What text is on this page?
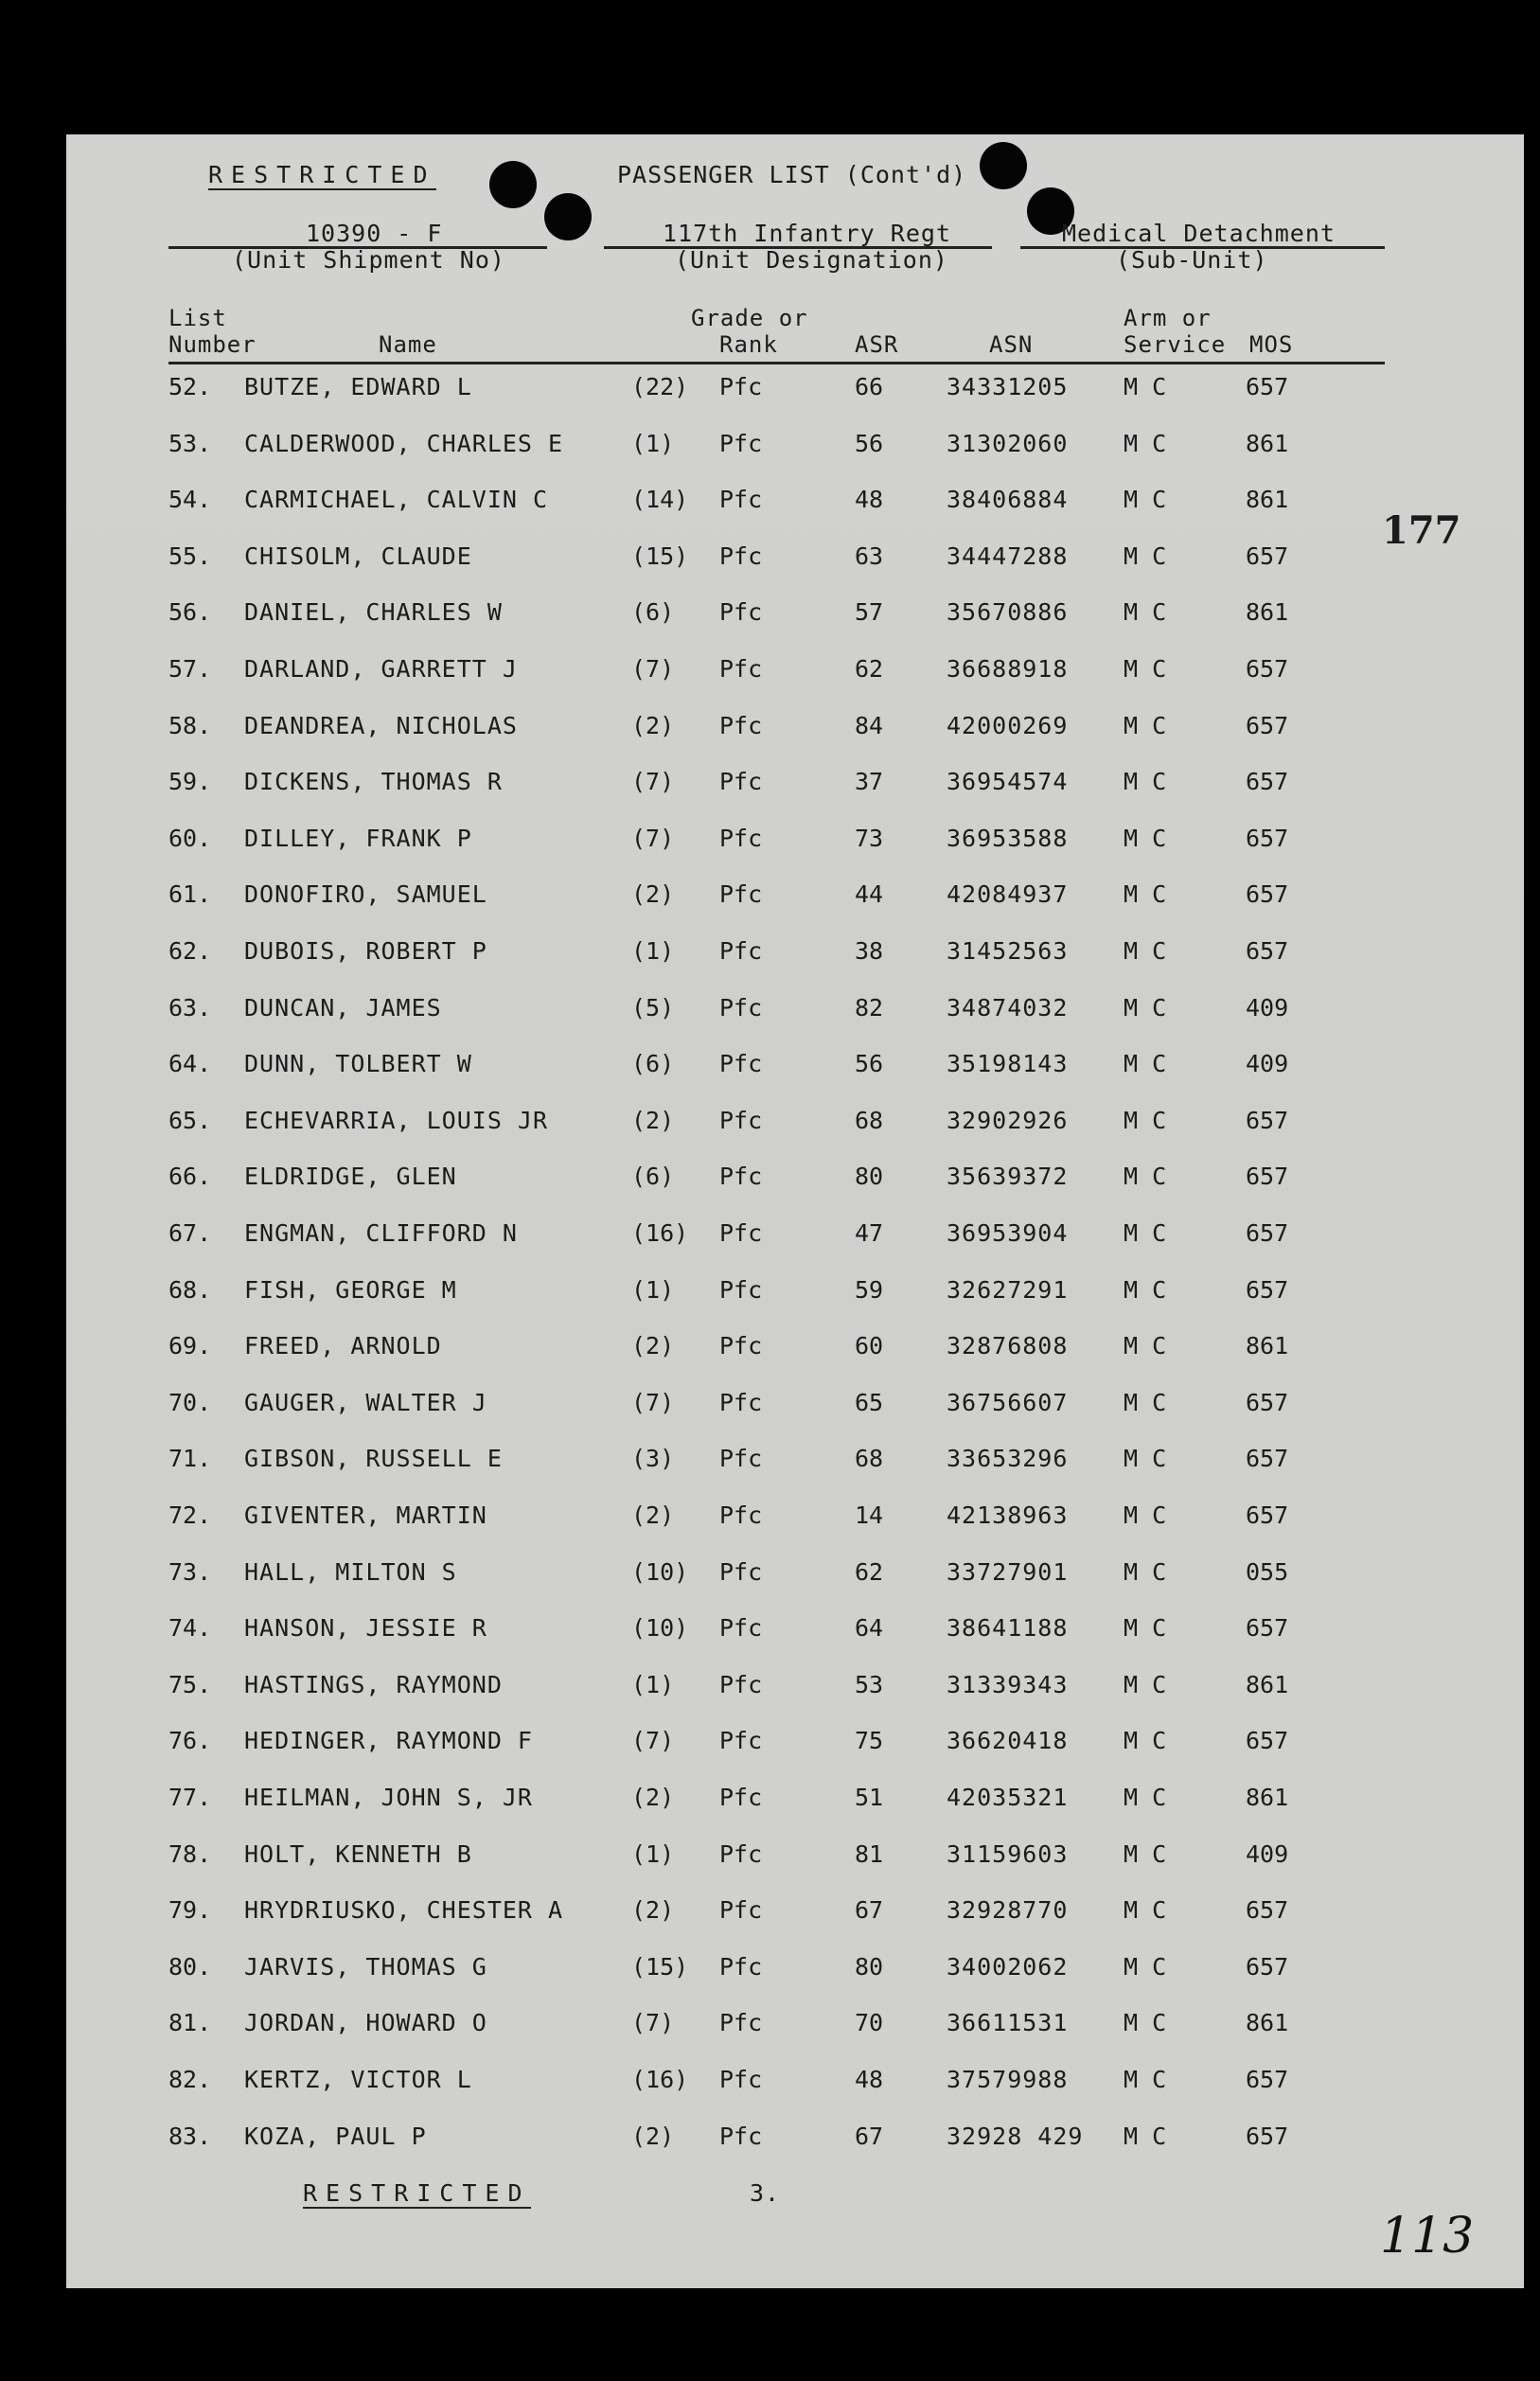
RESTRICTED	PASSENGER LIST (Cont'd)
10390 - F
(Unit Shipment No)
117th Infantry Regt
(Unit Designation)
Medical Detachment
(Sub-Unit)
List
Number	Name
Grade or
Rank	ASR	ASN
Arm or
Service MOS
52. BUTZE, EDWARD L	(22) Pfc	66	34331205 M C	657
53. CALDERWOOD, CHARLES E	(1) Pfc	56	31302060 M C	861
54. CARMICHAEL, CALVIN C	(14) Pfc	48	38406884 M C	861
55. CHISOLM, CLAUDE	(15) Pfc	63	34447288 M C	657
56. DANIEL, CHARLES W	(6) Pfc	57	35670886 M C	861
57. DARLAND, GARRETT J	(7) Pfc	62	36688918 M C	657
58. DEANDREA, NICHOLAS	(2) Pfc	84	42000269 M C	657
59. DICKENS, THOMAS R	(7) Pfc	37	36954574 M C	657
60. DILLEY, FRANK P	(7) Pfc	73	36953588 M C	657
61. DONOFIRO, SAMUEL	(2) Pfc	44	42084937 M C	657
62. DUBOIS, ROBERT P	(1) Pfc	38	31452563 M C	657
63. DUNCAN, JAMES	(5) Pfc	82	34874032 M C	409
64. DUNN, TOLBERT W	(6) Pfc	56	35198143 M C	409
65. ECHEVARRIA, LOUIS JR	(2) Pfc	68	32902926 M C	657
66. ELDRIDGE, GLEN	(6) Pfc	80	35639372 M C	657
67. ENGMAN, CLIFFORD N	(16) Pfc	47	36953904 M C	657
68. FISH, GEORGE M	(1) Pfc	59	32627291 M C	657
69. FREED, ARNOLD	(2) Pfc	60	32876808 M C	861
70. GAUGER, WALTER J	(7) Pfc	65	36756607 M C	657
71. GIBSON, RUSSELL E	(3) Pfc	68	33653296 M C	657
72. GIVENTER, MARTIN	(2) Pfc	14	42138963 M C	657
73. HALL, MILTON S	(10) Pfc	62	33727901 M C	055
74. HANSON, JESSIE R	(10) Pfc	64	38641188 M C	657
75. HASTINGS, RAYMOND	(1) Pfc	53	31339343 M C	861
76. HEDINGER, RAYMOND F	(7) Pfc	75	36620418 M C	657
77. HEILMAN, JOHN S, JR	(2) Pfc	51	42035321 M C	861
78. HOLT, KENNETH B	(1) Pfc	81	31159603 M C	409
79. HRYDRIUSKO, CHESTER A	(2) Pfc	67	32928770 M C	657
80. JARVIS, THOMAS G	(15) Pfc	80	34002062 M C	657
81. JORDAN, HOWARD O	(7) Pfc	70	36611531 M C	861
82. KERTZ, VICTOR L	(16) Pfc	48	37579988 M C	657
83. KOZA, PAUL P	(2) Pfc	67	32928 429 M C	657
RESTRICTED	3.
177
113
